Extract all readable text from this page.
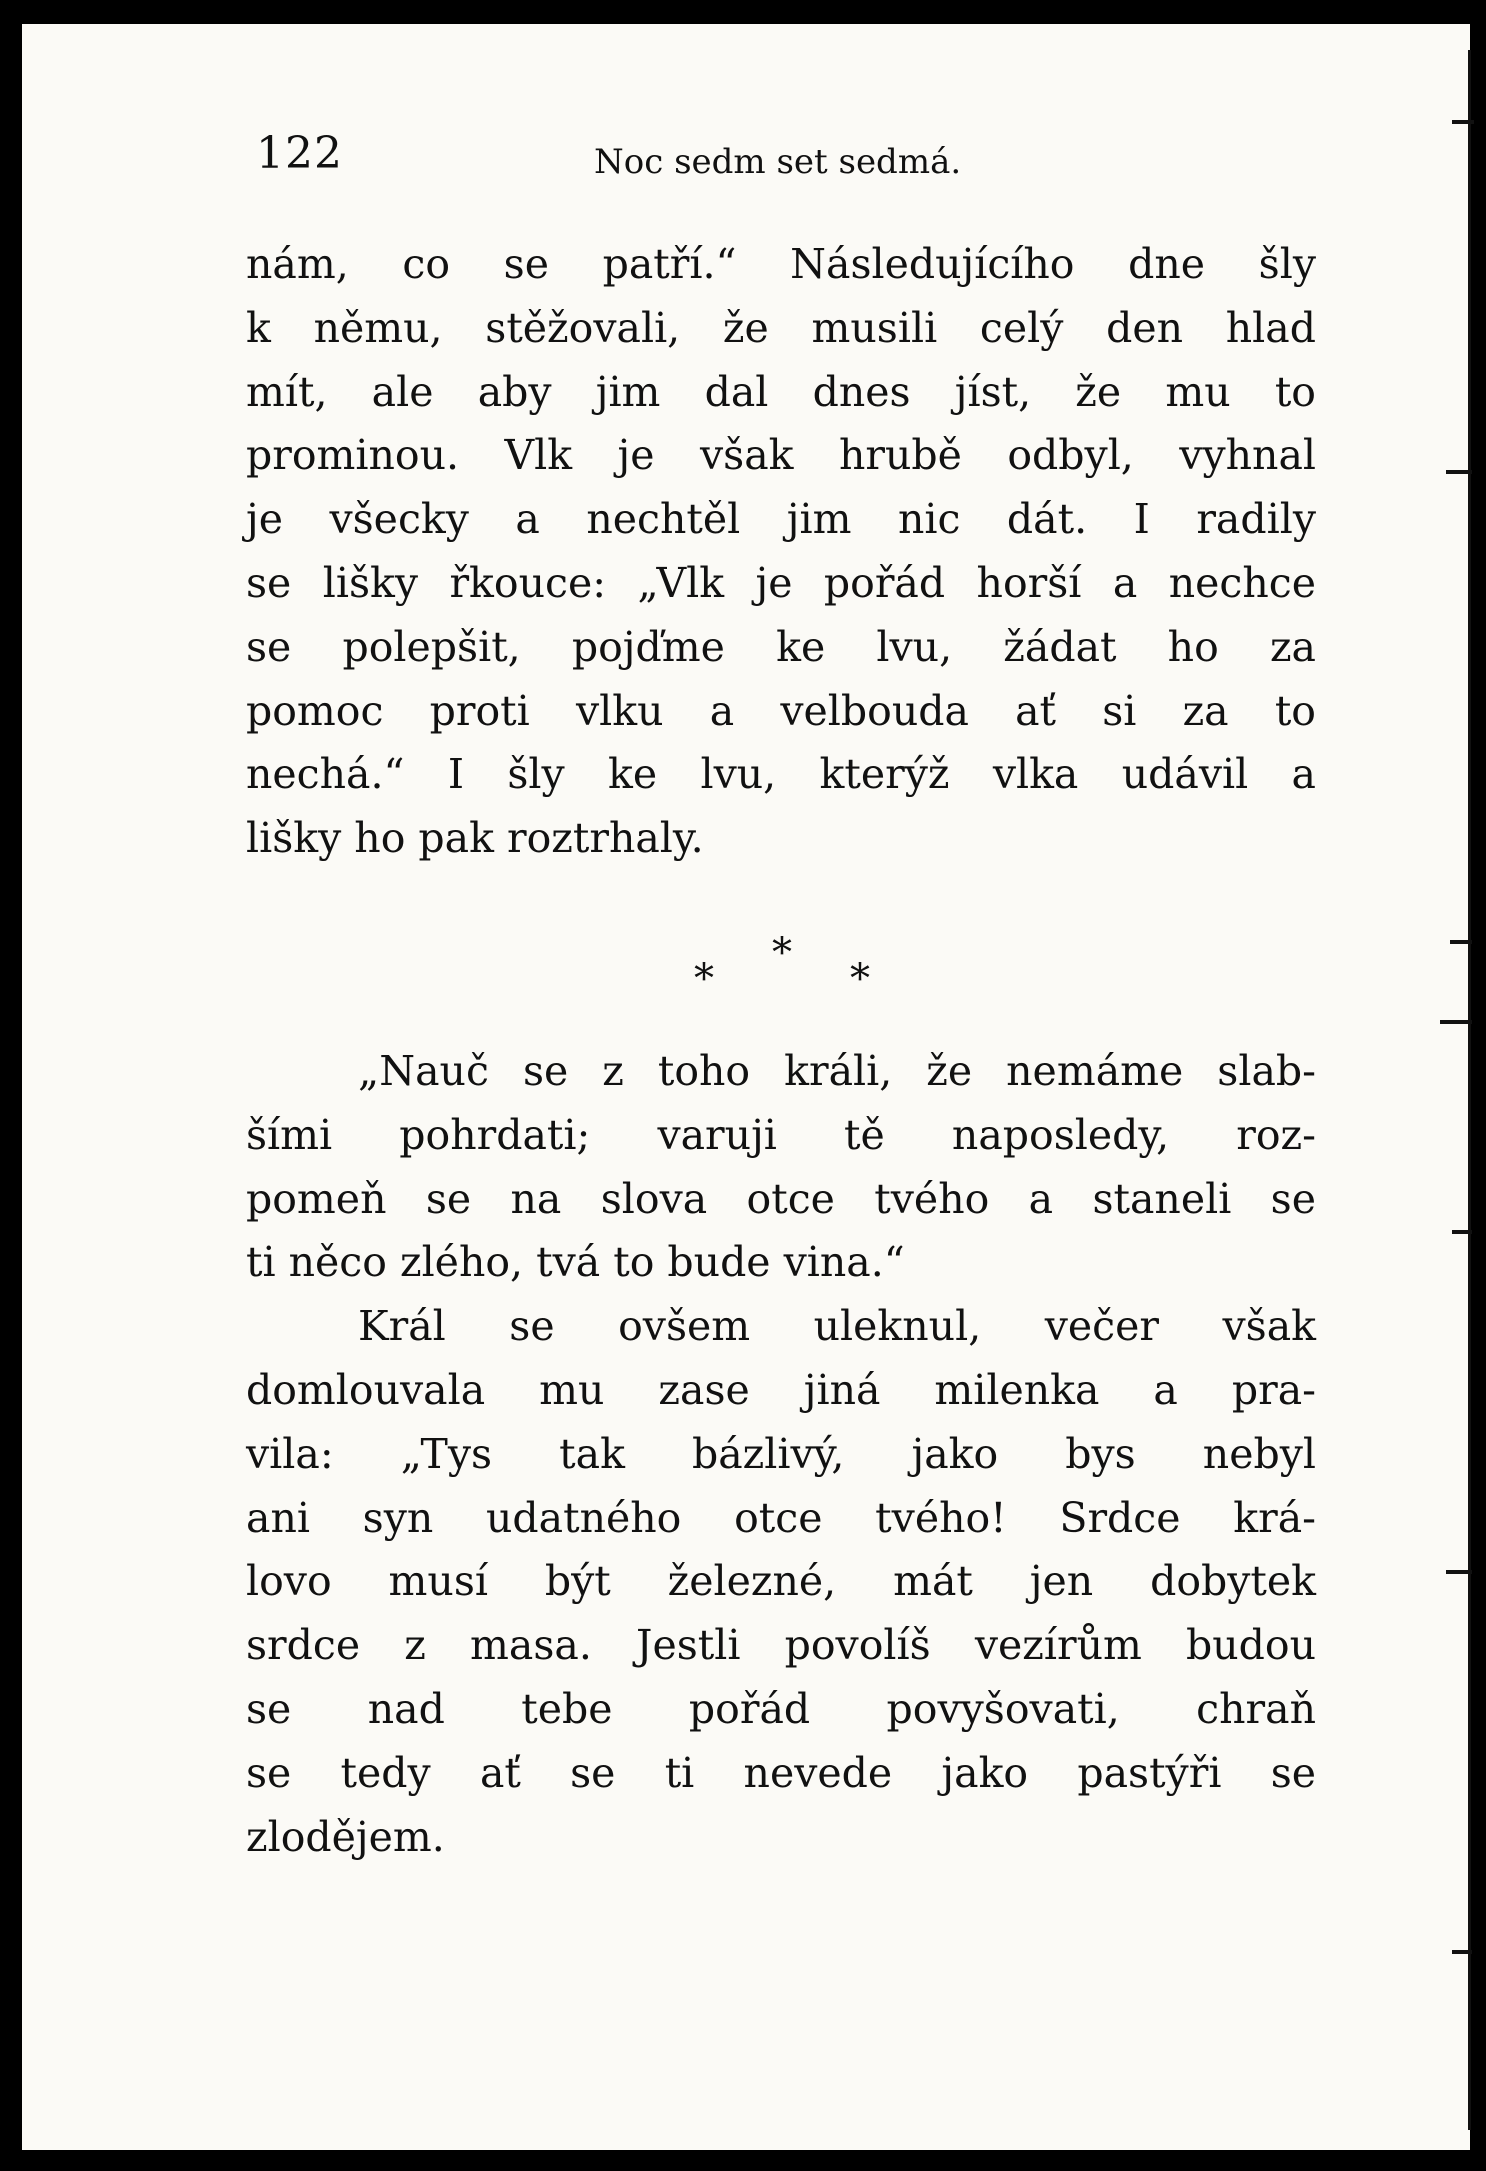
122	Noc sedm set sedmá.
nám, co se patří.“ Následujícího dne šly
k němu, stěžovali, že musili celý den hlad
mít, ale aby jim dal dnes jíst, že mu to
prominou. Vlk je však hrubě odbyl, vyhnal
je všecky a nechtěl jim nic dát. I radily
se lišky řkouce: „Vlk je pořád horší a nechce
se polepšit, pojďme ke lvu, žádat ho za
pomoc proti vlku a velbouda ať si za to
nechá.“ I šly ke lvu, kterýž vlka udávil a
lišky ho pak roztrhaly.
*
*
*
„Nauč se z toho králi, že nemáme slab-
šími pohrdati; varuji tě naposledy, roz-
pomeň se na slova otce tvého a staneli se
ti něco zlého, tvá to bude vina.“
Král se ovšem uleknul, večer však
domlouvala mu zase jiná milenka a pra-
vila: „Tys tak bázlivý, jako bys nebyl
ani syn udatného otce tvého! Srdce krá-
lovo musí být železné, mát jen dobytek
srdce z masa. Jestli povolíš vezírům budou
se nad tebe pořád povyšovati, chraň
se tedy ať se ti nevede jako pastýři se
zlodějem.
